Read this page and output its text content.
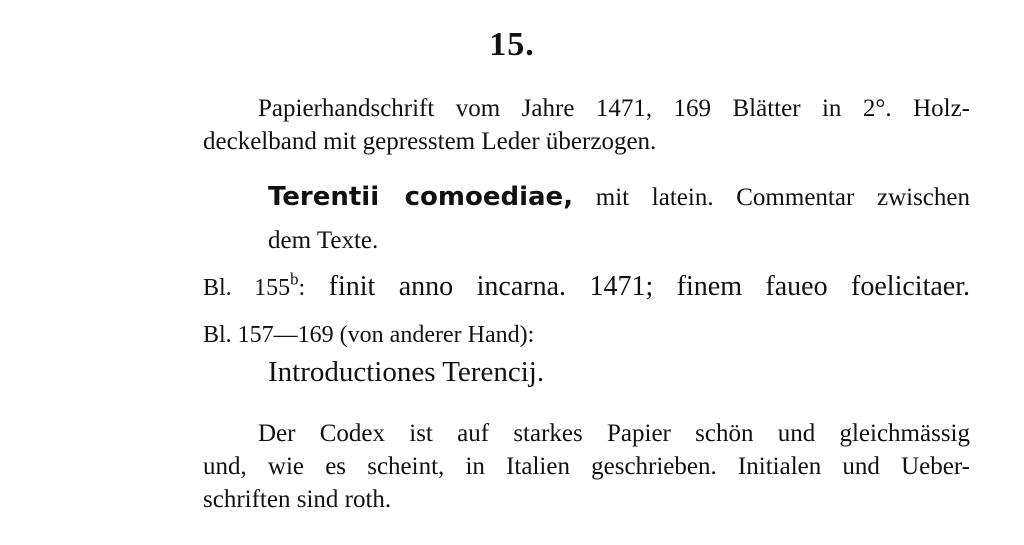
15.
Papierhandschrift vom Jahre 1471, 169 Blätter in 2°. Holz-
deckelband mit gepresstem Leder überzogen.
Terentii comoediae, mit latein. Commentar zwischen
dem Texte.
Bl. 155$^b$: finit anno incarna. 1471; finem faueo foelicitaer.
Bl. 157—169 (von anderer Hand):
Introductiones Terencij.
Der Codex ist auf starkes Papier schön und gleichmässig
und, wie es scheint, in Italien geschrieben. Initialen und Ueber-
schriften sind roth.
